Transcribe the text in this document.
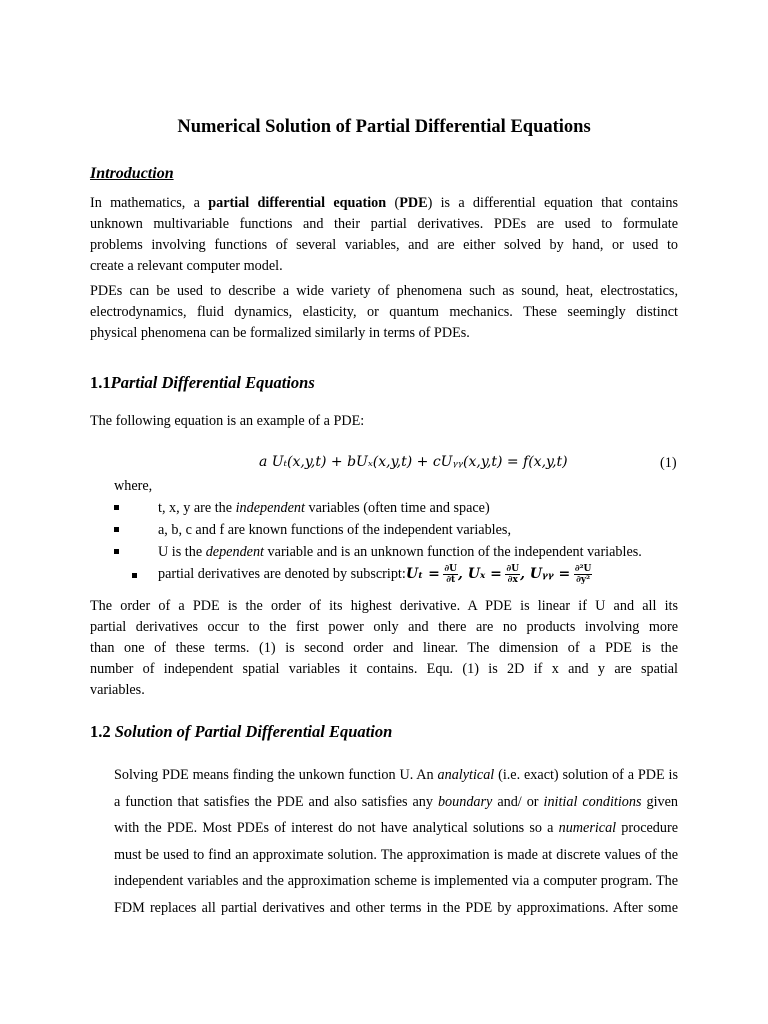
Numerical Solution of Partial Differential Equations
Introduction
In mathematics, a partial differential equation (PDE) is a differential equation that contains
unknown multivariable functions and their partial derivatives. PDEs are used to formulate
problems involving functions of several variables, and are either solved by hand, or used to
create a relevant computer model.
PDEs can be used to describe a wide variety of phenomena such as sound, heat, electrostatics,
electrodynamics, fluid dynamics, elasticity, or quantum mechanics. These seemingly distinct
physical phenomena can be formalized similarly in terms of PDEs.
1.1Partial Differential Equations
The following equation is an example of a PDE:
a Uₜ(x,y,t) + bUₓ(x,y,t) + cUᵧᵧ(x,y,t) = f(x,y,t)	(1)
where,
t, x, y are the independent variables (often time and space)
a, b, c and f are known functions of the independent variables,
U is the dependent variable and is an unknown function of the independent variables.
partial derivatives are denoted by subscript:Uₜ = $\frac{\partial U}{\partial t}$ , $U_x = \frac{\partial U}{\partial x}$ , Uᵧᵧ = $\frac{\text{∂²U}}{\text{∂y²}}$
The order of a PDE is the order of its highest derivative. A PDE is linear if U and all its
partial derivatives occur to the first power only and there are no products involving more
than one of these terms. (1) is second order and linear. The dimension of a PDE is the
number of independent spatial variables it contains. Equ. (1) is 2D if x and y are spatial
variables.
1.2 Solution of Partial Differential Equation
Solving PDE means finding the unkown function U. An analytical (i.e. exact) solution of a PDE is
a function that satisfies the PDE and also satisfies any boundary and/ or initial conditions given
with the PDE. Most PDEs of interest do not have analytical solutions so a numerical procedure
must be used to find an approximate solution. The approximation is made at discrete values of the
independent variables and the approximation scheme is implemented via a computer program. The
FDM replaces all partial derivatives and other terms in the PDE by approximations. After some
